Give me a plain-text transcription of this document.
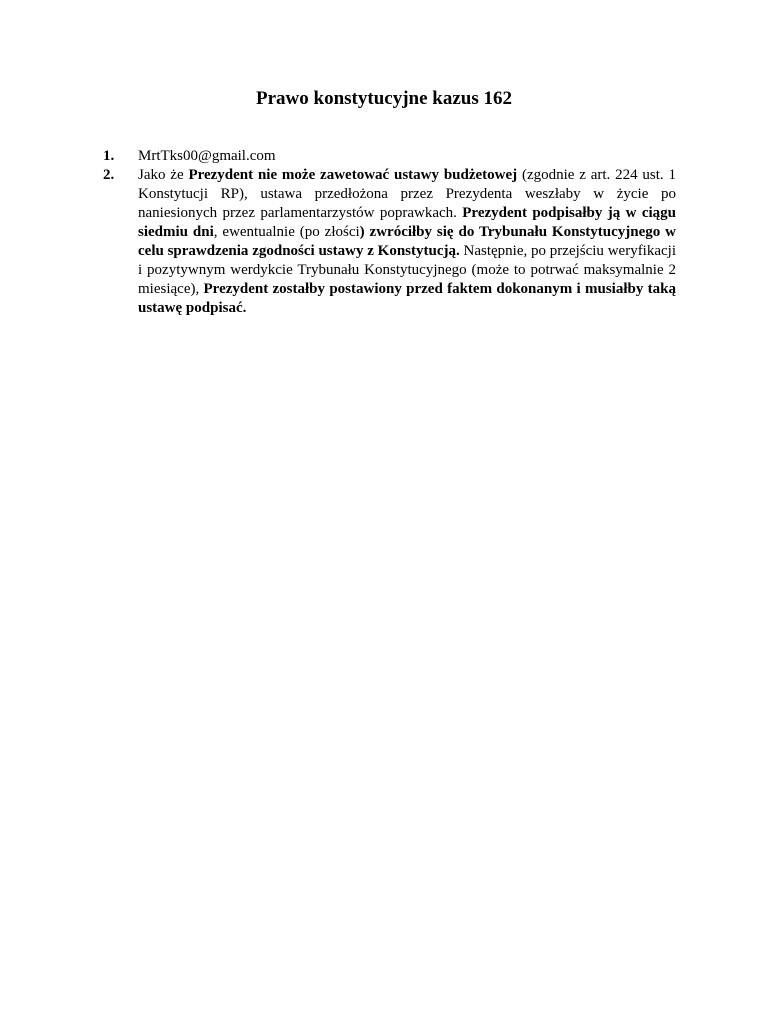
Prawo konstytucyjne kazus 162
1.	MrtTks00@gmail.com
2.	Jako że Prezydent nie może zawetować ustawy budżetowej (zgodnie z art. 224 ust. 1 Konstytucji RP), ustawa przedłożona przez Prezydenta weszłaby w życie po naniesionych przez parlamentarzystów poprawkach. Prezydent podpisałby ją w ciągu siedmiu dni, ewentualnie (po złości) zwróciłby się do Trybunału Konstytucyjnego w celu sprawdzenia zgodności ustawy z Konstytucją. Następnie, po przejściu weryfikacji i pozytywnym werdykcie Trybunału Konstytucyjnego (może to potrwać maksymalnie 2 miesiące), Prezydent zostałby postawiony przed faktem dokonanym i musiałby taką ustawę podpisać.
